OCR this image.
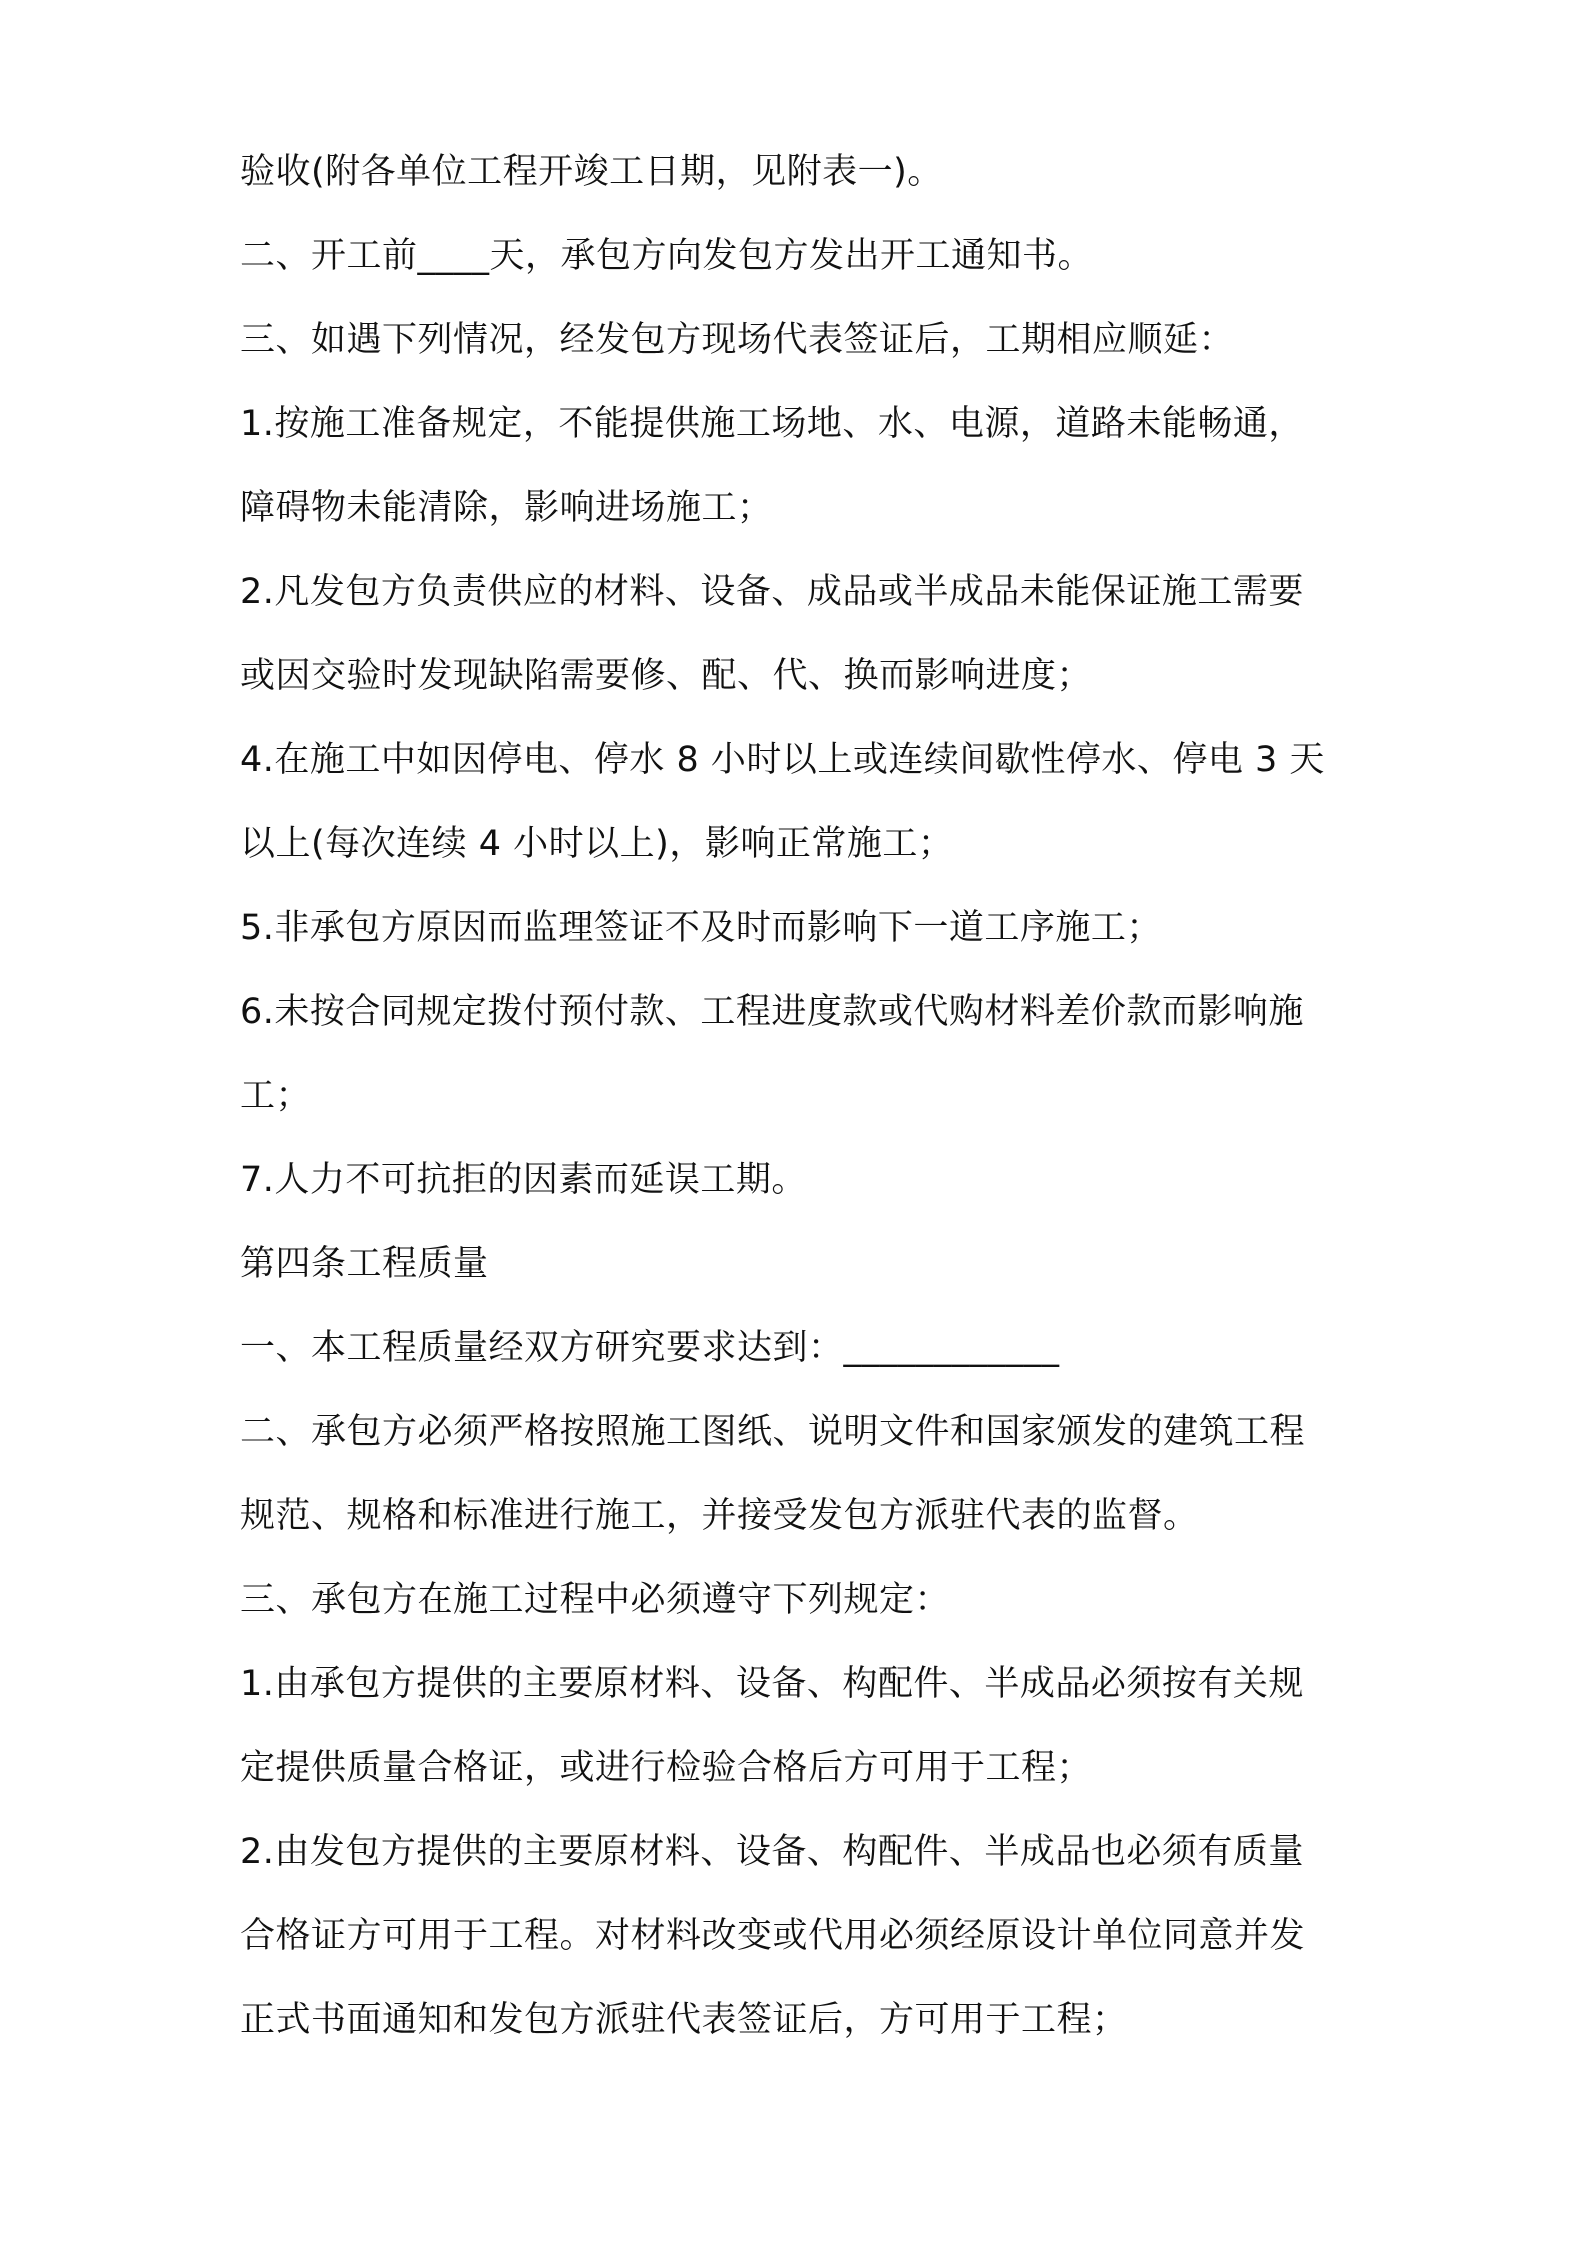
验收(附各单位工程开竣工日期，见附表一)。
二、开工前____天，承包方向发包方发出开工通知书。
三、如遇下列情况，经发包方现场代表签证后，工期相应顺延：
1.按施工准备规定，不能提供施工场地、水、电源，道路未能畅通，
障碍物未能清除，影响进场施工；
2.凡发包方负责供应的材料、设备、成品或半成品未能保证施工需要
或因交验时发现缺陷需要修、配、代、换而影响进度；
4.在施工中如因停电、停水 8 小时以上或连续间歇性停水、停电 3 天
以上(每次连续 4 小时以上)，影响正常施工；
5.非承包方原因而监理签证不及时而影响下一道工序施工；
6.未按合同规定拨付预付款、工程进度款或代购材料差价款而影响施
工；
7.人力不可抗拒的因素而延误工期。
第四条工程质量
一、本工程质量经双方研究要求达到：____________
二、承包方必须严格按照施工图纸、说明文件和国家颁发的建筑工程
规范、规格和标准进行施工，并接受发包方派驻代表的监督。
三、承包方在施工过程中必须遵守下列规定：
1.由承包方提供的主要原材料、设备、构配件、半成品必须按有关规
定提供质量合格证，或进行检验合格后方可用于工程；
2.由发包方提供的主要原材料、设备、构配件、半成品也必须有质量
合格证方可用于工程。对材料改变或代用必须经原设计单位同意并发
正式书面通知和发包方派驻代表签证后，方可用于工程；
